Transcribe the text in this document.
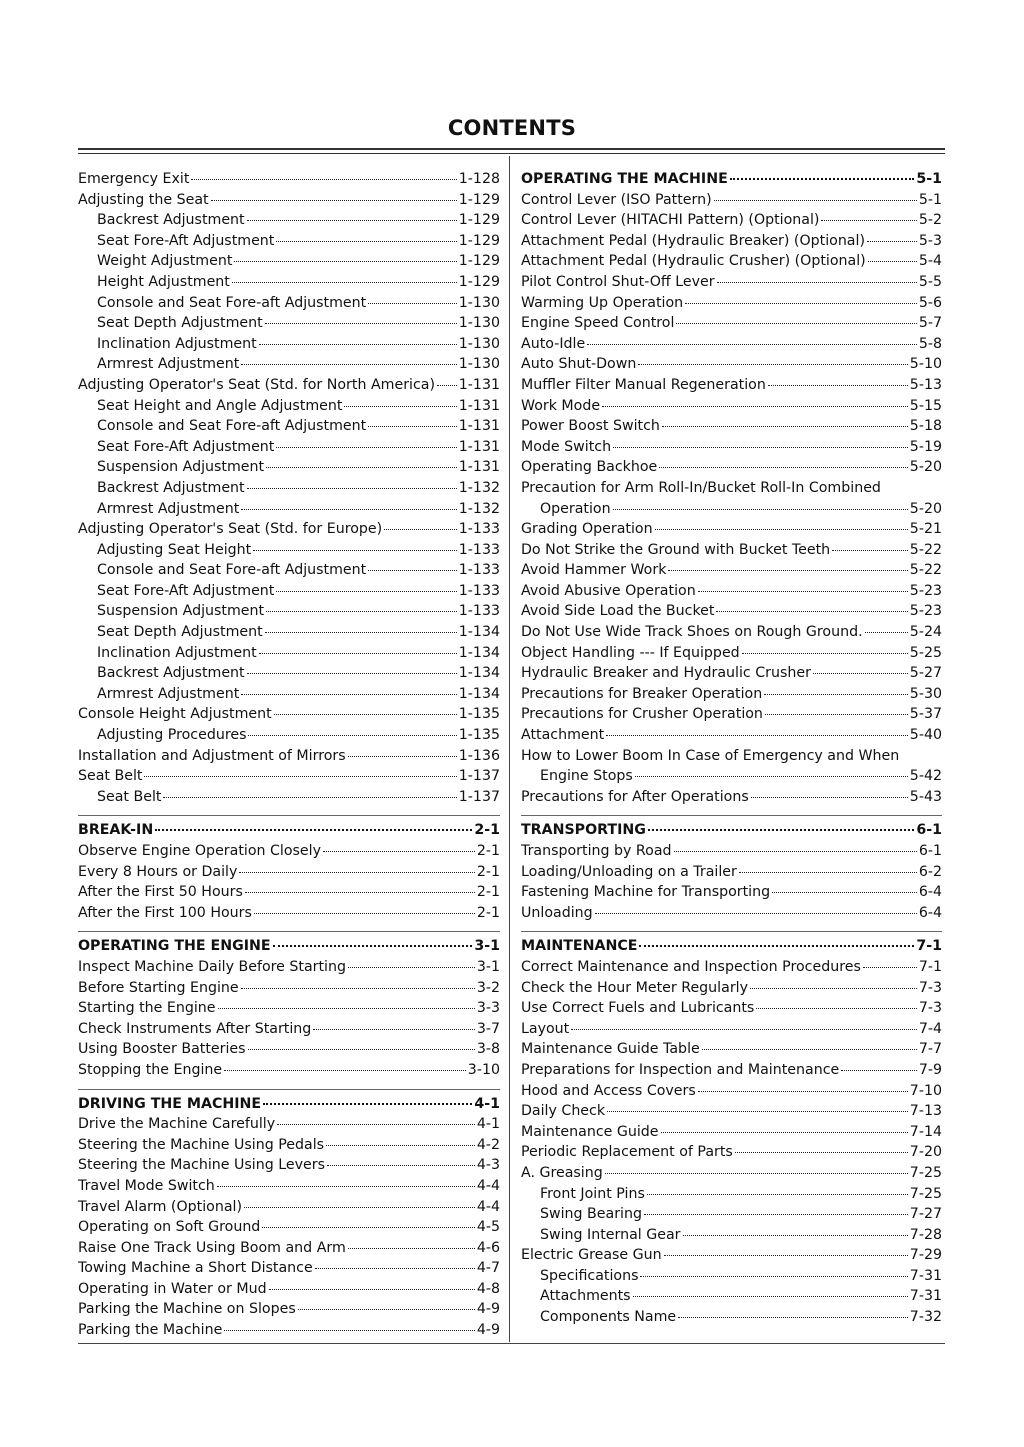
CONTENTS
Emergency Exit	1-128
Adjusting the Seat	1-129
Backrest Adjustment	1-129
Seat Fore-Aft Adjustment	1-129
Weight Adjustment	1-129
Height Adjustment	1-129
Console and Seat Fore-aft Adjustment	1-130
Seat Depth Adjustment	1-130
Inclination Adjustment	1-130
Armrest Adjustment	1-130
Adjusting Operator's Seat (Std. for North America) 1-131
Seat Height and Angle Adjustment	1-131
Console and Seat Fore-aft Adjustment	1-131
Seat Fore-Aft Adjustment	1-131
Suspension Adjustment	1-131
Backrest Adjustment	1-132
Armrest Adjustment	1-132
Adjusting Operator's Seat (Std. for Europe)	1-133
Adjusting Seat Height	1-133
Console and Seat Fore-aft Adjustment	1-133
Seat Fore-Aft Adjustment	1-133
Suspension Adjustment	1-133
Seat Depth Adjustment	1-134
Inclination Adjustment	1-134
Backrest Adjustment	1-134
Armrest Adjustment	1-134
Console Height Adjustment	1-135
Adjusting Procedures	1-135
Installation and Adjustment of Mirrors	1-136
Seat Belt	1-137
Seat Belt	1-137
BREAK-IN	2-1
Observe Engine Operation Closely	2-1
Every 8 Hours or Daily	2-1
After the First 50 Hours	2-1
After the First 100 Hours	2-1
OPERATING THE ENGINE	3-1
Inspect Machine Daily Before Starting	3-1
Before Starting Engine	3-2
Starting the Engine	3-3
Check Instruments After Starting	3-7
Using Booster Batteries	3-8
Stopping the Engine	3-10
DRIVING THE MACHINE	4-1
Drive the Machine Carefully	4-1
Steering the Machine Using Pedals	4-2
Steering the Machine Using Levers	4-3
Travel Mode Switch	4-4
Travel Alarm (Optional)	4-4
Operating on Soft Ground	4-5
Raise One Track Using Boom and Arm	4-6
Towing Machine a Short Distance	4-7
Operating in Water or Mud	4-8
Parking the Machine on Slopes	4-9
Parking the Machine	4-9
OPERATING THE MACHINE	5-1
Control Lever (ISO Pattern)	5-1
Control Lever (HITACHI Pattern) (Optional)	5-2
Attachment Pedal (Hydraulic Breaker) (Optional)	5-3
Attachment Pedal (Hydraulic Crusher) (Optional)	5-4
Pilot Control Shut-Off Lever	5-5
Warming Up Operation	5-6
Engine Speed Control	5-7
Auto-Idle	5-8
Auto Shut-Down	5-10
Muffler Filter Manual Regeneration	5-13
Work Mode	5-15
Power Boost Switch	5-18
Mode Switch	5-19
Operating Backhoe	5-20
Precaution for Arm Roll-In/Bucket Roll-In Combined
Operation	5-20
Grading Operation	5-21
Do Not Strike the Ground with Bucket Teeth	5-22
Avoid Hammer Work	5-22
Avoid Abusive Operation	5-23
Avoid Side Load the Bucket	5-23
Do Not Use Wide Track Shoes on Rough Ground.	5-24
Object Handling --- If Equipped	5-25
Hydraulic Breaker and Hydraulic Crusher	5-27
Precautions for Breaker Operation	5-30
Precautions for Crusher Operation	5-37
Attachment	5-40
How to Lower Boom In Case of Emergency and When
Engine Stops	5-42
Precautions for After Operations	5-43
TRANSPORTING	6-1
Transporting by Road	6-1
Loading/Unloading on a Trailer	6-2
Fastening Machine for Transporting	6-4
Unloading	6-4
MAINTENANCE	7-1
Correct Maintenance and Inspection Procedures	7-1
Check the Hour Meter Regularly	7-3
Use Correct Fuels and Lubricants	7-3
Layout	7-4
Maintenance Guide Table	7-7
Preparations for Inspection and Maintenance	7-9
Hood and Access Covers	7-10
Daily Check	7-13
Maintenance Guide	7-14
Periodic Replacement of Parts	7-20
A. Greasing	7-25
Front Joint Pins	7-25
Swing Bearing	7-27
Swing Internal Gear	7-28
Electric Grease Gun	7-29
Specifications	7-31
Attachments	7-31
Components Name	7-32
